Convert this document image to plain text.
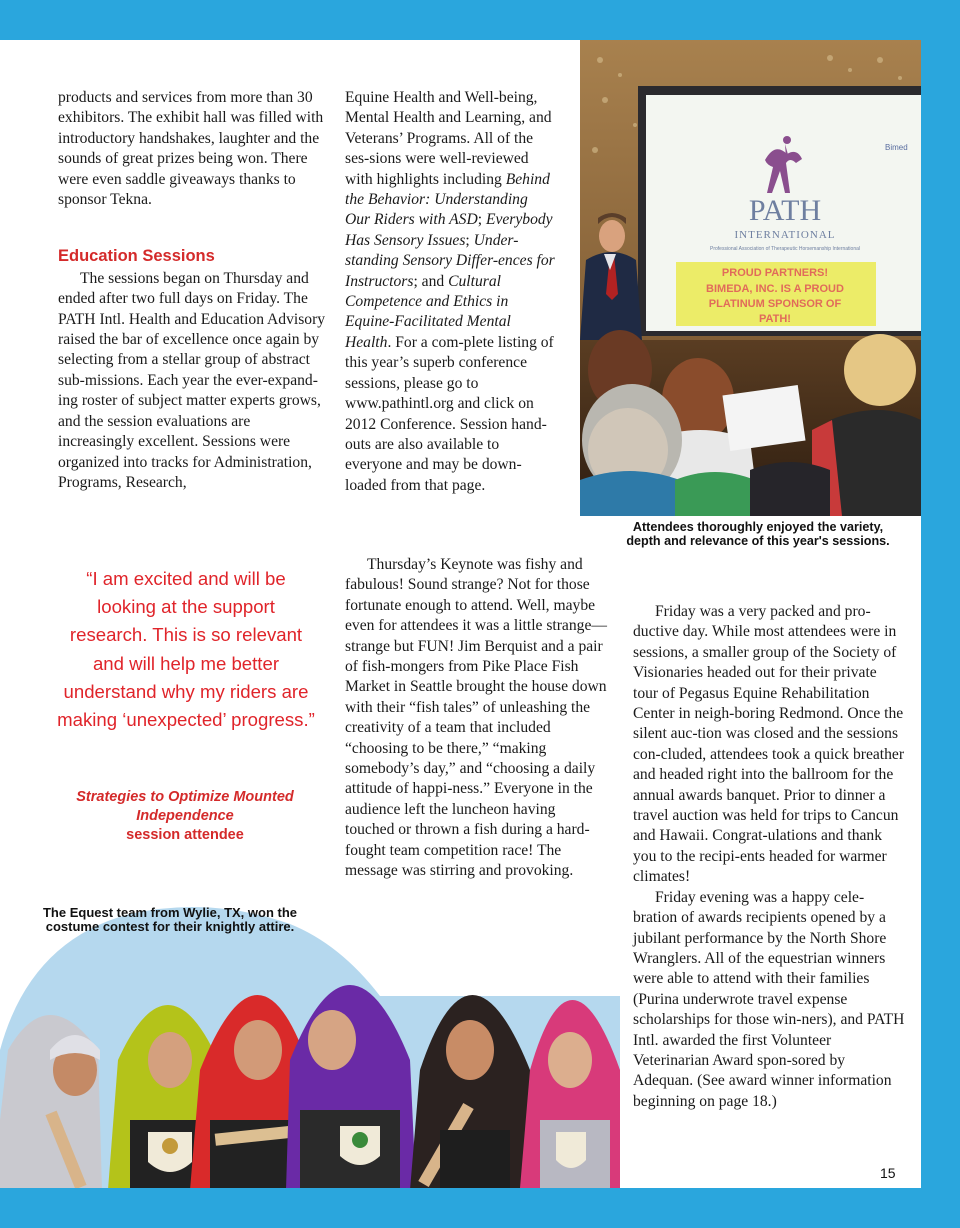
products and services from more than 30 exhibitors. The exhibit hall was filled with introductory handshakes, laughter and the sounds of great prizes being won. There were even saddle giveaways thanks to sponsor Tekna.

Education Sessions

The sessions began on Thursday and ended after two full days on Friday. The PATH Intl. Health and Education Advisory raised the bar of excellence once again by selecting from a stellar group of abstract sub-missions. Each year the ever-expand-ing roster of subject matter experts grows, and the session evaluations are increasingly excellent. Sessions were organized into tracks for Administration, Programs, Research,

“I am excited and will be looking at the support research. This is so relevant and will help me better understand why my riders are making ‘unexpected’ progress.”
Strategies to Optimize Mounted Independence
session attendee

Equine Health and Well-being, Mental Health and Learning, and Veterans’ Programs. All of the ses-sions were well-reviewed with highlights including Behind the Behavior: Understanding Our Riders with ASD; Everybody Has Sensory Issues; Under-standing Sensory Differ-ences for Instructors; and Cultural Competence and Ethics in Equine-Facilitated Mental Health. For a com-plete listing of this year’s superb conference sessions, please go to www.pathintl.org and click on 2012 Conference. Session hand-outs are also available to everyone and may be down-loaded from that page.

Thursday’s Keynote was fishy and fabulous! Sound strange? Not for those fortunate enough to attend. Well, maybe even for attendees it was a little strange—strange but FUN! Jim Berquist and a pair of fish-mongers from Pike Place Fish Market in Seattle brought the house down with their “fish tales” of unleashing the creativity of a team that included “choosing to be there,” “making somebody’s day,” and “choosing a daily attitude of happi-ness.” Everyone in the audience left the luncheon having touched or thrown a fish during a hard-fought team competition race! The message was stirring and provoking.

PATH
INTERNATIONAL
Professional Association of Therapeutic Horsemanship International
Bimed
PROUD PARTNERS!
BIMEDA, INC. IS A PROUD
PLATINUM SPONSOR OF
PATH!
Attendees thoroughly enjoyed the variety, depth and relevance of this year's sessions.

Friday was a very packed and pro-ductive day. While most attendees were in sessions, a smaller group of the Society of Visionaries headed out for their private tour of Pegasus Equine Rehabilitation Center in neigh-boring Redmond. Once the silent auc-tion was closed and the sessions con-cluded, attendees took a quick breather and headed right into the ballroom for the annual awards banquet. Prior to dinner a travel auction was held for trips to Cancun and Hawaii. Congrat-ulations and thank you to the recipi-ents headed for warmer climates!

Friday evening was a happy cele-bration of awards recipients opened by a jubilant performance by the North Shore Wranglers. All of the equestrian winners were able to attend with their families (Purina underwrote travel expense scholarships for those win-ners), and PATH Intl. awarded the first Volunteer Veterinarian Award spon-sored by Adequan. (See award winner information beginning on page 18.)

The Equest team from Wylie, TX, won the costume contest for their knightly attire.
15
